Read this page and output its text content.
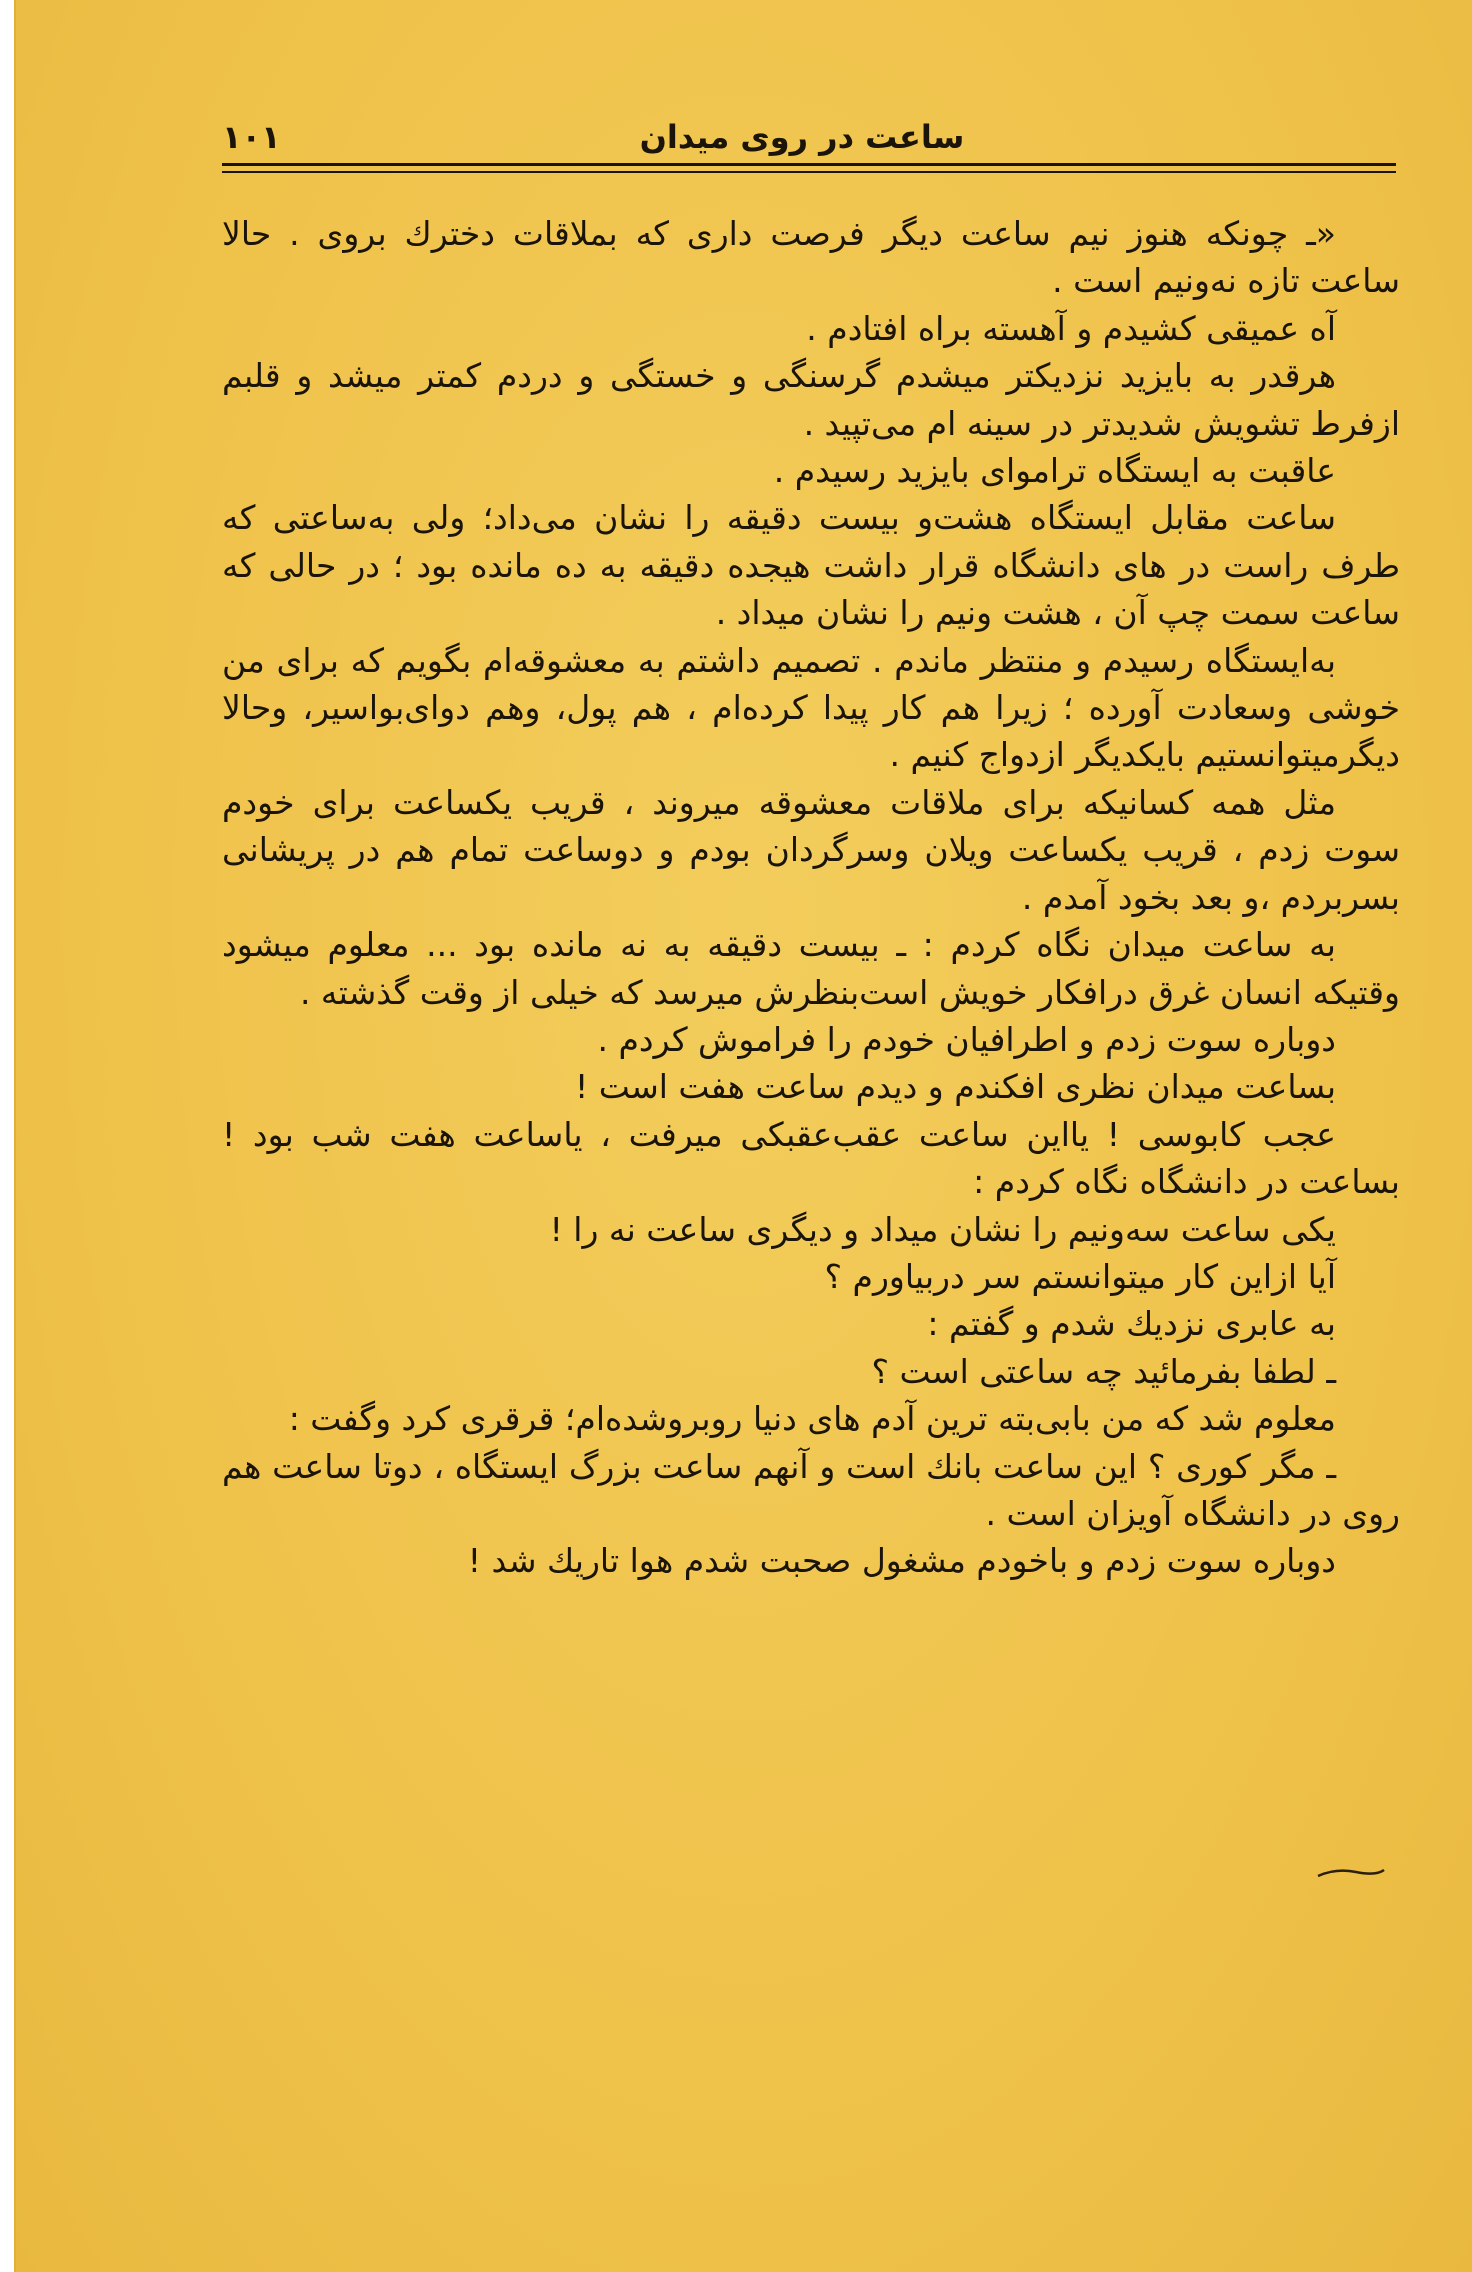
ساعت در روی میدان
۱۰۱

«ـ چونکه هنوز نیم ساعت دیگر فرصت داری که بملاقات دخترك بروی . حالا ساعت تازه نه‌ونیم است .

آه عمیقی کشیدم و آهسته براه افتادم .

هرقدر به بایزید نزدیکتر میشدم گرسنگی و خستگی و دردم کمتر میشد و قلبم ازفرط تشویش شدیدتر در سینه ام می‌تپید .

عاقبت به ایستگاه تراموای بایزید رسیدم .

ساعت مقابل ایستگاه هشت‌و بیست دقیقه را نشان می‌داد؛ ولی به‌ساعتی که طرف راست در های دانشگاه قرار داشت هیجده دقیقه به ده مانده بود ؛ در حالی که ساعت سمت چپ آن ، هشت ونیم را نشان میداد .

به‌ایستگاه رسیدم و منتظر ماندم . تصمیم داشتم به معشوقه‌ام بگویم که برای من خوشی وسعادت آورده ؛ زیرا هم کار پیدا کرده‌ام ، هم پول، وهم دوای‌بواسیر، وحالا دیگرمیتوانستیم بایکدیگر ازدواج کنیم .

مثل همه کسانیکه برای ملاقات معشوقه میروند ، قریب یکساعت برای خودم سوت زدم ، قریب یکساعت ویلان وسرگردان بودم و دوساعت تمام هم در پریشانی بسربردم ،و بعد بخود آمدم .

به ساعت میدان نگاه کردم : ـ بیست دقیقه به نه مانده بود ... معلوم میشود وقتیکه انسان غرق درافکار خویش است‌بنظرش میرسد که خیلی از وقت گذشته .

دوباره سوت زدم و اطرافیان خودم را فراموش کردم .

بساعت میدان نظری افکندم و دیدم ساعت هفت است !

عجب کابوسی ! یااین ساعت عقب‌عقبکی میرفت ، یاساعت هفت شب بود ! بساعت در دانشگاه نگاه کردم :

یکی ساعت سه‌ونیم را نشان میداد و دیگری ساعت نه را !

آیا ازاین کار میتوانستم سر دربیاورم ؟

به عابری نزدیك شدم و گفتم :

ـ لطفا بفرمائید چه ساعتی است ؟

معلوم شد که من بابی‌بته ترین آدم های دنیا روبروشده‌ام؛ قرقری کرد وگفت :

ـ مگر کوری ؟ این ساعت بانك است و آنهم ساعت بزرگ ایستگاه ، دوتا ساعت هم روی در دانشگاه آویزان است .

دوباره سوت زدم و باخودم مشغول صحبت شدم هوا تاریك شد !
